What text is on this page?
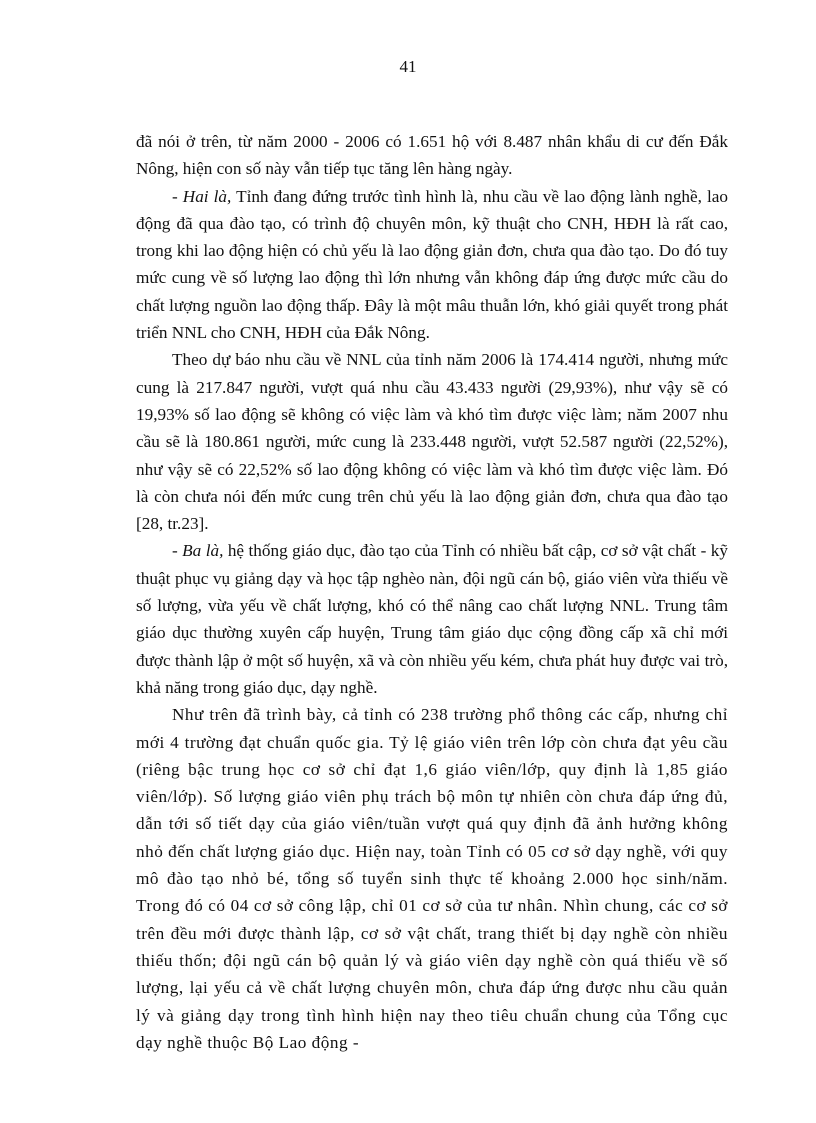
41

đã nói ở trên, từ năm 2000 - 2006 có 1.651 hộ với 8.487 nhân khẩu di cư đến Đắk Nông, hiện con số này vẫn tiếp tục tăng lên hàng ngày.

- Hai là, Tỉnh đang đứng trước tình hình là, nhu cầu về lao động lành nghề, lao động đã qua đào tạo, có trình độ chuyên môn, kỹ thuật cho CNH, HĐH là rất cao, trong khi lao động hiện có chủ yếu là lao động giản đơn, chưa qua đào tạo. Do đó tuy mức cung về số lượng lao động thì lớn nhưng vẫn không đáp ứng được mức cầu do chất lượng nguồn lao động thấp. Đây là một mâu thuẫn lớn, khó giải quyết trong phát triển NNL cho CNH, HĐH của Đắk Nông.

Theo dự báo nhu cầu về NNL của tỉnh năm 2006 là 174.414 người, nhưng mức cung là 217.847 người, vượt quá nhu cầu 43.433 người (29,93%), như vậy sẽ có 19,93% số lao động sẽ không có việc làm và khó tìm được việc làm; năm 2007 nhu cầu sẽ là 180.861 người, mức cung là 233.448 người, vượt 52.587 người (22,52%), như vậy sẽ có 22,52% số lao động không có việc làm và khó tìm được việc làm. Đó là còn chưa nói đến mức cung trên chủ yếu là lao động giản đơn, chưa qua đào tạo [28, tr.23].

- Ba là, hệ thống giáo dục, đào tạo của Tỉnh có nhiều bất cập, cơ sở vật chất - kỹ thuật phục vụ giảng dạy và học tập nghèo nàn, đội ngũ cán bộ, giáo viên vừa thiếu về số lượng, vừa yếu về chất lượng, khó có thể nâng cao chất lượng NNL. Trung tâm giáo dục thường xuyên cấp huyện, Trung tâm giáo dục cộng đồng cấp xã chỉ mới được thành lập ở một số huyện, xã và còn nhiều yếu kém, chưa phát huy được vai trò, khả năng trong giáo dục, dạy nghề.

Như trên đã trình bày, cả tỉnh có 238 trường phổ thông các cấp, nhưng chỉ mới 4 trường đạt chuẩn quốc gia. Tỷ lệ giáo viên trên lớp còn chưa đạt yêu cầu (riêng bậc trung học cơ sở chỉ đạt 1,6 giáo viên/lớp, quy định là 1,85 giáo viên/lớp). Số lượng giáo viên phụ trách bộ môn tự nhiên còn chưa đáp ứng đủ, dẫn tới số tiết dạy của giáo viên/tuần vượt quá quy định đã ảnh hưởng không nhỏ đến chất lượng giáo dục. Hiện nay, toàn Tỉnh có 05 cơ sở dạy nghề, với quy mô đào tạo nhỏ bé, tổng số tuyển sinh thực tế khoảng 2.000 học sinh/năm. Trong đó có 04 cơ sở công lập, chỉ 01 cơ sở của tư nhân. Nhìn chung, các cơ sở trên đều mới được thành lập, cơ sở vật chất, trang thiết bị dạy nghề còn nhiều thiếu thốn; đội ngũ cán bộ quản lý và giáo viên dạy nghề còn quá thiếu về số lượng, lại yếu cả về chất lượng chuyên môn, chưa đáp ứng được nhu cầu quản lý và giảng dạy trong tình hình hiện nay theo tiêu chuẩn chung của Tổng cục dạy nghề thuộc Bộ Lao động -
